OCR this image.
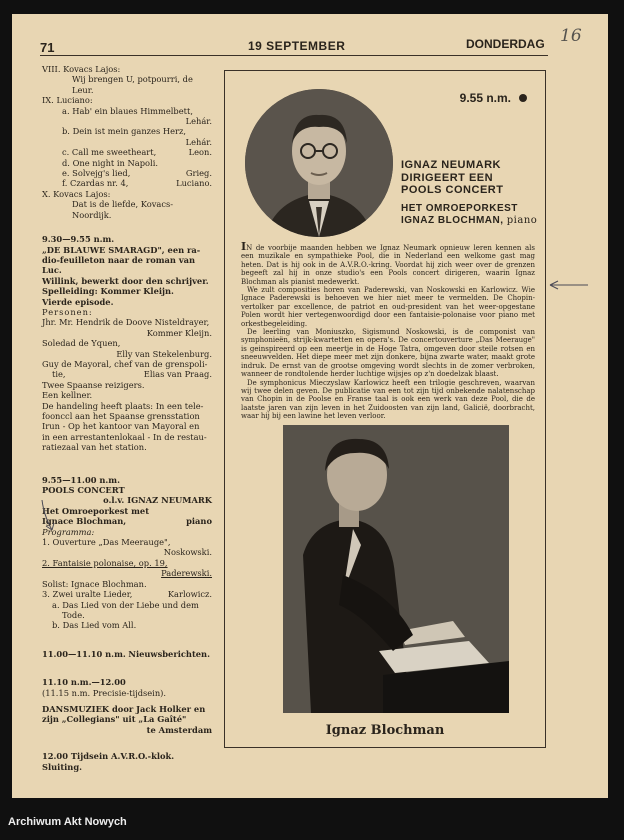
71	19 SEPTEMBER	DONDERDAG 16
VIII. Kovacs Lajos:
Wij brengen U, potpourri, de Leur.
IX. Luciano:
a. Hab' ein blaues Himmelbett,
Lehár.
b. Dein ist mein ganzes Herz,
Lehár.
c. Call me sweetheart,	Leon.
d. One night in Napoli.
e. Solvejg's lied,	Grieg.
f. Czardas nr. 4,	Luciano.
X. Kovacs Lajos:
Dat is de liefde, Kovacs-Noordijk.
9.30—9.55 n.m.
„DE BLAUWE SMARAGD", een ra-
dio-feuilleton naar de roman van Luc.
Willink, bewerkt door den schrijver.
Spelleiding: Kommer Kleijn.
Vierde episode.
Personen:
Jhr. Mr. Hendrik de Doove Nisteldrayer,
Kommer Kleijn.
Soledad de Yquen,
Elly van Stekelenburg.
Guy de Mayoral, chef van de grenspoli-
tie,	Elias van Praag.
Twee Spaanse reizigers.
Een kellner.
De handeling heeft plaats: In een tele-
foonccl aan het Spaanse grensstation
Irun - Op het kantoor van Mayoral en
in een arrestantenlokaal - In de restau-
ratiezaal van het station.
9.55—11.00 n.m.
POOLS CONCERT
o.l.v. IGNAZ NEUMARK
Het Omroeporkest met
Ignace Blochman,	piano
Programma:
1. Ouverture „Das Meerauge",
Noskowski.
2. Fantaisie polonaise, op. 19,
Paderewski.
Solist: Ignace Blochman.
3. Zwei uralte Lieder,	Karlowicz.
a. Das Lied von der Liebe und dem
Tode.
b. Das Lied vom All.
11.00—11.10 n.m. Nieuwsberichten.
11.10 n.m.—12.00
(11.15 n.m. Precisie-tijdsein).
DANSMUZIEK door Jack Holker en
zijn „Collegians" uit „La Gaîté"
te Amsterdam
12.00 Tijdsein A.V.R.O.-klok. Sluiting.
9.55 n.m.
IGNAZ NEUMARK
DIRIGEERT EEN
POOLS CONCERT
HET OMROEPORKEST
IGNAZ BLOCHMAN, piano

IN de voorbije maanden hebben we Ignaz Neumark opnieuw leren kennen als een muzikale en sympathieke Pool, die in Nederland een welkome gast mag heten. Dat is hij ook in de A.V.R.O.-kring. Voordat hij zich weer over de grenzen begeeft zal hij in onze studio's een Pools concert dirigeren, waarin Ignaz Blochman als pianist medewerkt.

We zult composities horen van Paderewski, van Noskowski en Karlowicz. Wie Ignace Paderewski is behoeven we hier niet meer te vermelden. De Chopin-vertolker par excellence, de patriot en oud-president van het weer-opgestane Polen wordt hier vertegenwoordigd door een fantaisie-polonaise voor piano met orkestbegeleiding.

De leerling van Moniuszko, Sigismund Noskowski, is de componist van symphonieën, strijk-kwartetten en opera's. De concertouverture „Das Meerauge" is geinspireerd op een meertje in de Hoge Tatra, omgeven door steile rotsen en sneeuwvelden. Het diepe meer met zijn donkere, bijna zwarte water, maakt grote indruk. De ernst van de grootse omgeving wordt slechts in de zomer verbroken, wanneer de rondtolende herder luchtige wijsjes op z'n doedelzak blaast.

De symphonicus Mieczyslaw Karlowicz heeft een trilogie geschreven, waarvan wij twee delen geven. De publicatie van een tot zijn tijd onbekende nalatenschap van Chopin in de Poolse en Franse taal is ook een werk van deze Pool, die de laatste jaren van zijn leven in het Zuidoosten van zijn land, Galicië, doorbracht, waar hij bij een lawine het leven verloor.

Ignaz Blochman
Archiwum Akt Nowych
